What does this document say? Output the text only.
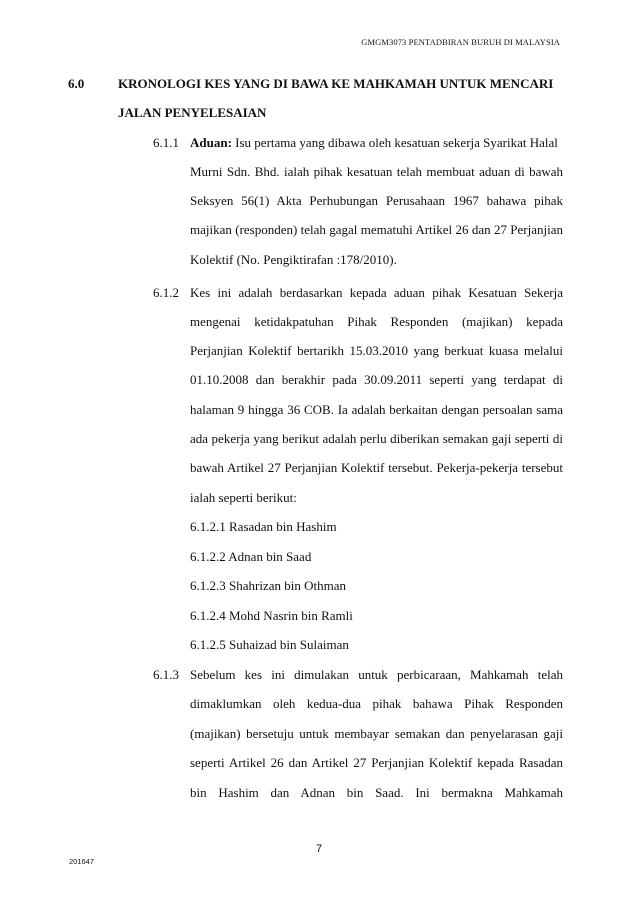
GMGM3073 PENTADBIRAN BURUH DI MALAYSIA
6.0	KRONOLOGI KES YANG DI BAWA KE MAHKAMAH UNTUK MENCARI
JALAN PENYELESAIAN
6.1.1 Aduan: Isu pertama yang dibawa oleh kesatuan sekerja Syarikat Halal
Murni Sdn. Bhd. ialah pihak kesatuan telah membuat aduan di bawah
Seksyen 56(1) Akta Perhubungan Perusahaan 1967 bahawa pihak
majikan (responden) telah gagal mematuhi Artikel 26 dan 27 Perjanjian
Kolektif (No. Pengiktirafan :178/2010).
6.1.2 Kes ini adalah berdasarkan kepada aduan pihak Kesatuan Sekerja
mengenai ketidakpatuhan Pihak Responden (majikan) kepada
Perjanjian Kolektif bertarikh 15.03.2010 yang berkuat kuasa melalui
01.10.2008 dan berakhir pada 30.09.2011 seperti yang terdapat di
halaman 9 hingga 36 COB. Ia adalah berkaitan dengan persoalan sama
ada pekerja yang berikut adalah perlu diberikan semakan gaji seperti di
bawah Artikel 27 Perjanjian Kolektif tersebut. Pekerja-pekerja tersebut
ialah seperti berikut:
6.1.2.1 Rasadan bin Hashim
6.1.2.2 Adnan bin Saad
6.1.2.3 Shahrizan bin Othman
6.1.2.4 Mohd Nasrin bin Ramli
6.1.2.5 Suhaizad bin Sulaiman
6.1.3 Sebelum kes ini dimulakan untuk perbicaraan, Mahkamah telah
dimaklumkan oleh kedua-dua pihak bahawa Pihak Responden
(majikan) bersetuju untuk membayar semakan dan penyelarasan gaji
seperti Artikel 26 dan Artikel 27 Perjanjian Kolektif kepada Rasadan
bin Hashim dan Adnan bin Saad. Ini bermakna Mahkamah
7
201647
